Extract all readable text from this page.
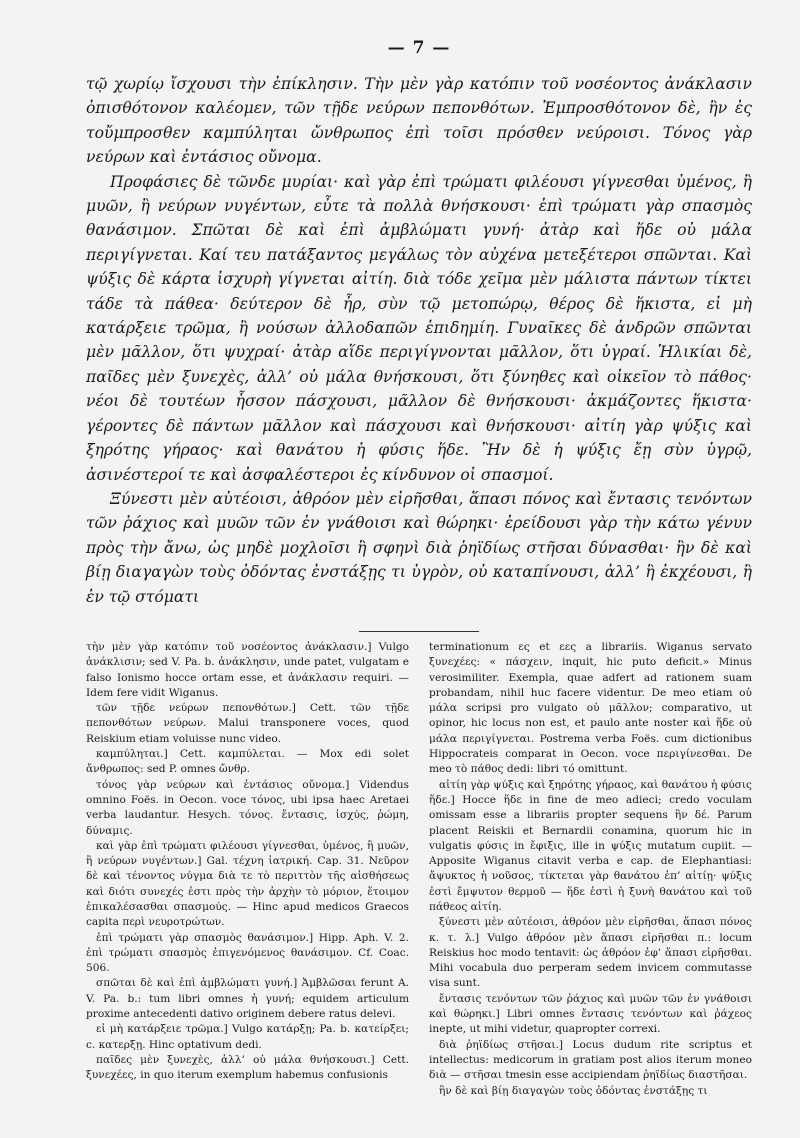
— 7 —

τῷ χωρίῳ ἴσχουσι τὴν ἐπίκλησιν. Τὴν μὲν γὰρ κατόπιν τοῦ νοσέοντος ἀνάκλασιν ὀπισθότονον καλέομεν, τῶν τῇδε νεύρων πεπονθότων. Ἐμπροσθότονον δὲ, ἢν ἐς τοὔμπροσθεν καμπύληται ὤνθρωπος ἐπὶ τοῖσι πρόσθεν νεύροισι. Τόνος γὰρ νεύρων καὶ ἐντάσιος οὔνομα.

Προφάσιες δὲ τῶνδε μυρίαι· καὶ γὰρ ἐπὶ τρώματι φιλέουσι γίγνεσθαι ὑμένος, ἢ μυῶν, ἢ νεύρων νυγέντων, εὖτε τὰ πολλὰ θνήσκουσι· ἐπὶ τρώματι γὰρ σπασμὸς θανάσιμον. Σπῶται δὲ καὶ ἐπὶ ἀμβλώματι γυνή· ἀτὰρ καὶ ἥδε οὐ μάλα περιγίγνεται. Καί τευ πατάξαντος μεγάλως τὸν αὐχένα μετεξέτεροι σπῶνται. Καὶ ψύξις δὲ κάρτα ἰσχυρὴ γίγνεται αἰτίη. διὰ τόδε χεῖμα μὲν μάλιστα πάντων τίκτει τάδε τὰ πάθεα· δεύτερον δὲ ἦρ, σὺν τῷ μετοπώρῳ, θέρος δὲ ἥκιστα, εἰ μὴ κατάρξειε τρῶμα, ἢ νούσων ἀλλοδαπῶν ἐπιδημίη. Γυναῖκες δὲ ἀνδρῶν σπῶνται μὲν μᾶλλον, ὅτι ψυχραί· ἀτὰρ αἵδε περιγίγνονται μᾶλλον, ὅτι ὑγραί. Ἡλικίαι δὲ, παῖδες μὲν ξυνεχὲς, ἀλλ’ οὐ μάλα θνήσκουσι, ὅτι ξύνηθες καὶ οἰκεῖον τὸ πάθος· νέοι δὲ τουτέων ἧσσον πάσχουσι, μᾶλλον δὲ θνήσκουσι· ἀκμάζοντες ἥκιστα· γέροντες δὲ πάντων μᾶλλον καὶ πάσχουσι καὶ θνήσκουσι· αἰτίη γὰρ ψύξις καὶ ξηρότης γήραος· καὶ θανάτου ἡ φύσις ἥδε. Ἢν δὲ ἡ ψύξις ἔῃ σὺν ὑγρῷ, ἀσινέστεροί τε καὶ ἀσφαλέστεροι ἐς κίνδυνον οἱ σπασμοί.

Ξύνεστι μὲν αὐτέοισι, ἀθρόον μὲν εἰρῆσθαι, ἅπασι πόνος καὶ ἔντασις τενόντων τῶν ῥάχιος καὶ μυῶν τῶν ἐν γνάθοισι καὶ θώρηκι· ἐρείδουσι γὰρ τὴν κάτω γένυν πρὸς τὴν ἄνω, ὡς μηδὲ μοχλοῖσι ἢ σφηνὶ διὰ ῥηϊδίως στῆσαι δύνασθαι· ἢν δὲ καὶ βίῃ διαγαγὼν τοὺς ὀδόντας ἐνστάξῃς τι ὑγρὸν, οὐ καταπίνουσι, ἀλλ’ ἢ ἐκχέουσι, ἢ ἐν τῷ στόματι

τὴν μὲν γὰρ κατόπιν τοῦ νοσέοντος ἀνάκλασιν.] Vulgo ἀνάκλισιν; sed V. Pa. b. ἀνάκλησιν, unde patet, vulgatam e falso Ionismo hocce ortam esse, et ἀνάκλασιν requiri. — Idem fere vidit Wiganus.

τῶν τῇδε νεύρων πεπονθότων.] Cett. τῶν τῇδε πεπονθότων νεύρων. Malui transponere voces, quod Reiskium etiam voluisse nunc video.

καμπύληται.] Cett. καμπύλεται. — Mox edi solet ἄνθρωπος: sed P. omnes ὤνθρ.

τόνος γὰρ νεύρων καὶ ἐντάσιος οὔνομα.] Videndus omnino Foës. in Oecon. voce τόνος, ubi ipsa haec Aretaei verba laudantur. Hesych. τόνος. ἔντασις, ἰσχύς, ῥώμη, δύναμις.

καὶ γὰρ ἐπὶ τρώματι φιλέουσι γίγνεσθαι, ὑμένος, ἢ μυῶν, ἢ νεύρων νυγέντων.] Gal. τέχνη ἰατρική. Cap. 31. Νεῦρον δὲ καὶ τένοντος νύγμα διὰ τε τὸ περιττὸν τῆς αἰσθήσεως καὶ διότι συνεχές ἐστι πρὸς τὴν ἀρχὴν τὸ μόριον, ἕτοιμον ἐπικαλέσασθαι σπασμούς. — Hinc apud medicos Graecos capita περὶ νευροτρώτων.

ἐπὶ τρώματι γὰρ σπασμὸς θανάσιμον.] Hipp. Aph. V. 2. ἐπὶ τρώματι σπασμὸς ἐπιγενόμενος θανάσιμον. Cf. Coac. 506.

σπῶται δὲ καὶ ἐπὶ ἀμβλώματι γυνή.] Ἀμβλῶσαι ferunt A. V. Pa. b.: tum libri omnes ἡ γυνή; equidem articulum proxime antecedenti dativo originem debere ratus delevi.

εἰ μὴ κατάρξειε τρῶμα.] Vulgo κατάρξῃ; Pa. b. κατείρξει; c. κατερξῃ. Hinc optativum dedi.

παῖδες μὲν ξυνεχὲς, ἀλλ’ οὐ μάλα θνήσκουσι.] Cett. ξυνεχέες, in quo iterum exemplum habemus confusionis

terminationum ες et εες a librariis. Wiganus servato ξυνεχέες: « πάσχειν, inquit, hic puto deficit.» Minus verosimiliter. Exempla, quae adfert ad rationem suam probandam, nihil huc facere videntur. De meo etiam οὐ μάλα scripsi pro vulgato οὐ μᾶλλον; comparativo, ut opinor, hic locus non est, et paulo ante noster καὶ ἥδε οὐ μάλα περιγίγνεται. Postrema verba Foës. cum dictionibus Hippocrateis comparat in Oecon. voce περιγίνεσθαι. De meo τὸ πάθος dedi: libri τό omittunt.

αἰτίη γὰρ ψύξις καὶ ξηρότης γήραος, καὶ θανάτου ἡ φύσις ἥδε.] Hocce ἥδε in fine de meo adieci; credo voculam omissam esse a librariis propter sequens ἢν δέ. Parum placent Reiskii et Bernardii conamina, quorum hic in vulgatis φύσις in ἔφιξις, ille in ψύξις mutatum cupiit. — Apposite Wiganus citavit verba e cap. de Elephantiasi: ἄψυκτος ἡ νοῦσος, τίκτεται γὰρ θανάτου ἐπ’ αἰτίῃ· ψύξις ἐστὶ ἔμψυτον θερμοῦ — ἥδε ἐστὶ ἡ ξυνὴ θανάτου καὶ τοῦ πάθεος αἰτίη.

ξύνεστι μὲν αὐτέοισι, ἀθρόον μὲν εἰρῆσθαι, ἅπασι πόνος κ. τ. λ.] Vulgo ἀθρόον μὲν ἅπασι εἰρῆσθαι π.: locum Reiskius hoc modo tentavit: ὡς ἀθρόον ἐφ’ ἅπασι εἰρῆσθαι. Mihi vocabula duo perperam sedem invicem commutasse visa sunt.

ἔντασις τενόντων τῶν ῥάχιος καὶ μυῶν τῶν ἐν γνάθοισι καὶ θώρηκι.] Libri omnes ἔντασις τενόντων καὶ ῥάχεος inepte, ut mihi videtur, quapropter correxi.

διὰ ῥηϊδίως στῆσαι.] Locus dudum rite scriptus et intellectus: medicorum in gratiam post alios iterum moneo διὰ — στῆσαι tmesin esse accipiendam ῥηϊδίως διαστῆσαι.

ἢν δὲ καὶ βίῃ διαγαγὼν τοὺς ὀδόντας ἐνστάξῃς τι
